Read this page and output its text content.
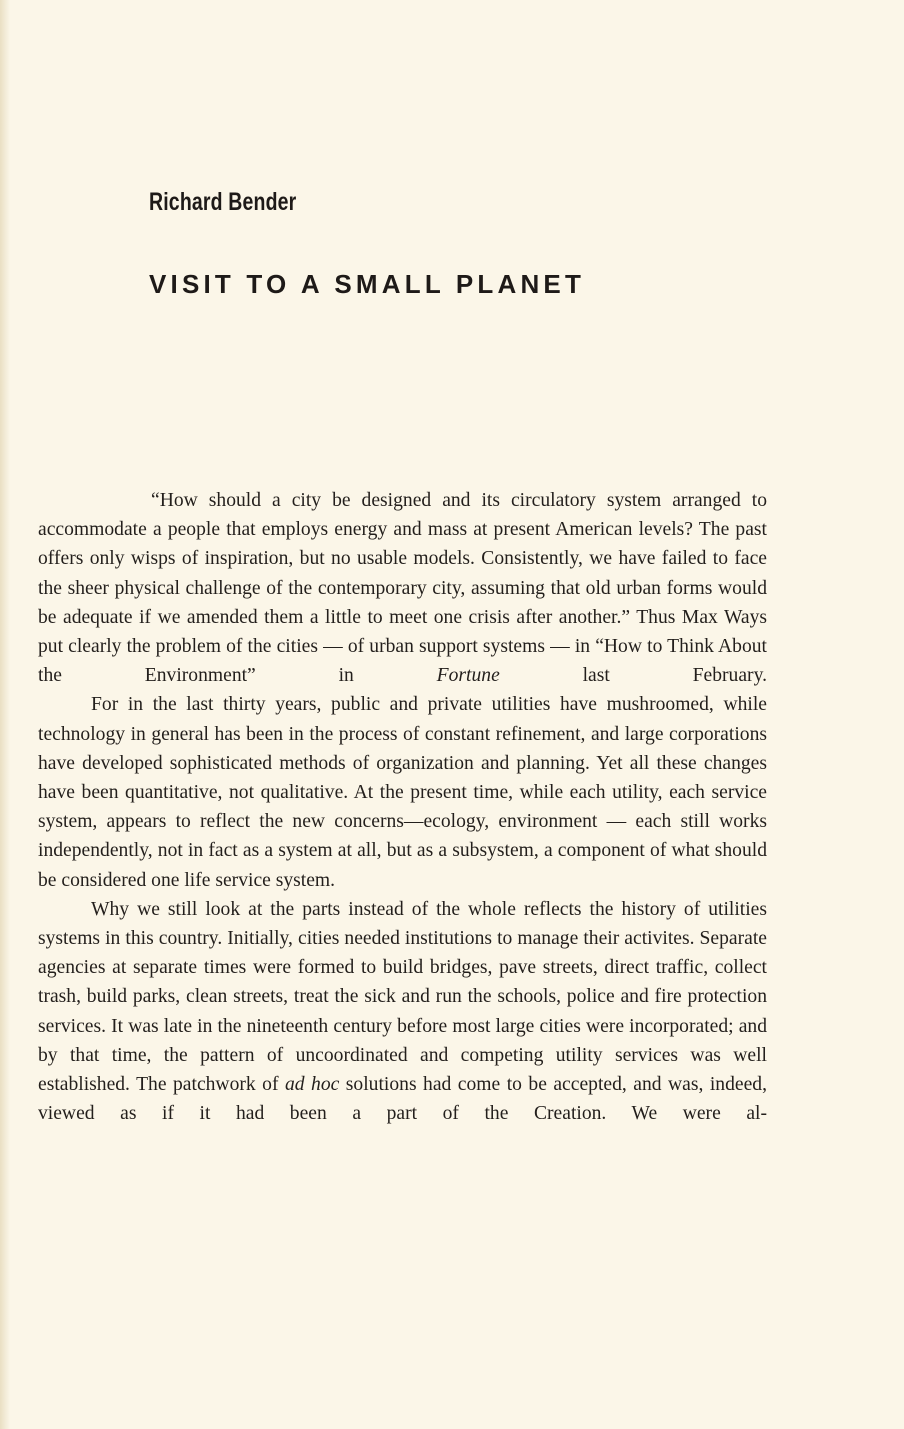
Richard Bender
VISIT TO A SMALL PLANET

“How should a city be designed and its circulatory system arranged to accommodate a people that employs energy and mass at present American levels? The past offers only wisps of inspiration, but no usable models. Consistently, we have failed to face the sheer physical challenge of the contemporary city, assuming that old urban forms would be adequate if we amended them a little to meet one crisis after another.” Thus Max Ways put clearly the problem of the cities — of urban support systems — in “How to Think About the Environment” in	Fortune	last February.

For in the last thirty years, public and private utilities have mushroomed, while technology in general has been in the process of constant refinement, and large corporations have developed sophisticated methods of organization and planning. Yet all these changes have been quantitative, not qualitative. At the present time, while each utility, each service system, appears to reflect the new concerns—ecology, environment — each still works independently, not in fact as a system at all, but as a subsystem, a component of what should be considered one life service system.

Why we still look at the parts instead of the whole reflects the history of utilities systems in this country. Initially, cities needed institutions to manage their activites. Separate agencies at separate times were formed to build bridges, pave streets, direct traffic, collect trash, build parks, clean streets, treat the sick and run the schools, police and fire protection services. It was late in the nineteenth century before most large cities were incorporated; and by that time, the pattern of uncoordinated and competing utility services was well established. The patchwork of ad hoc solutions had come to be accepted, and was, indeed, viewed as if it had been a part of the Creation. We were al-
